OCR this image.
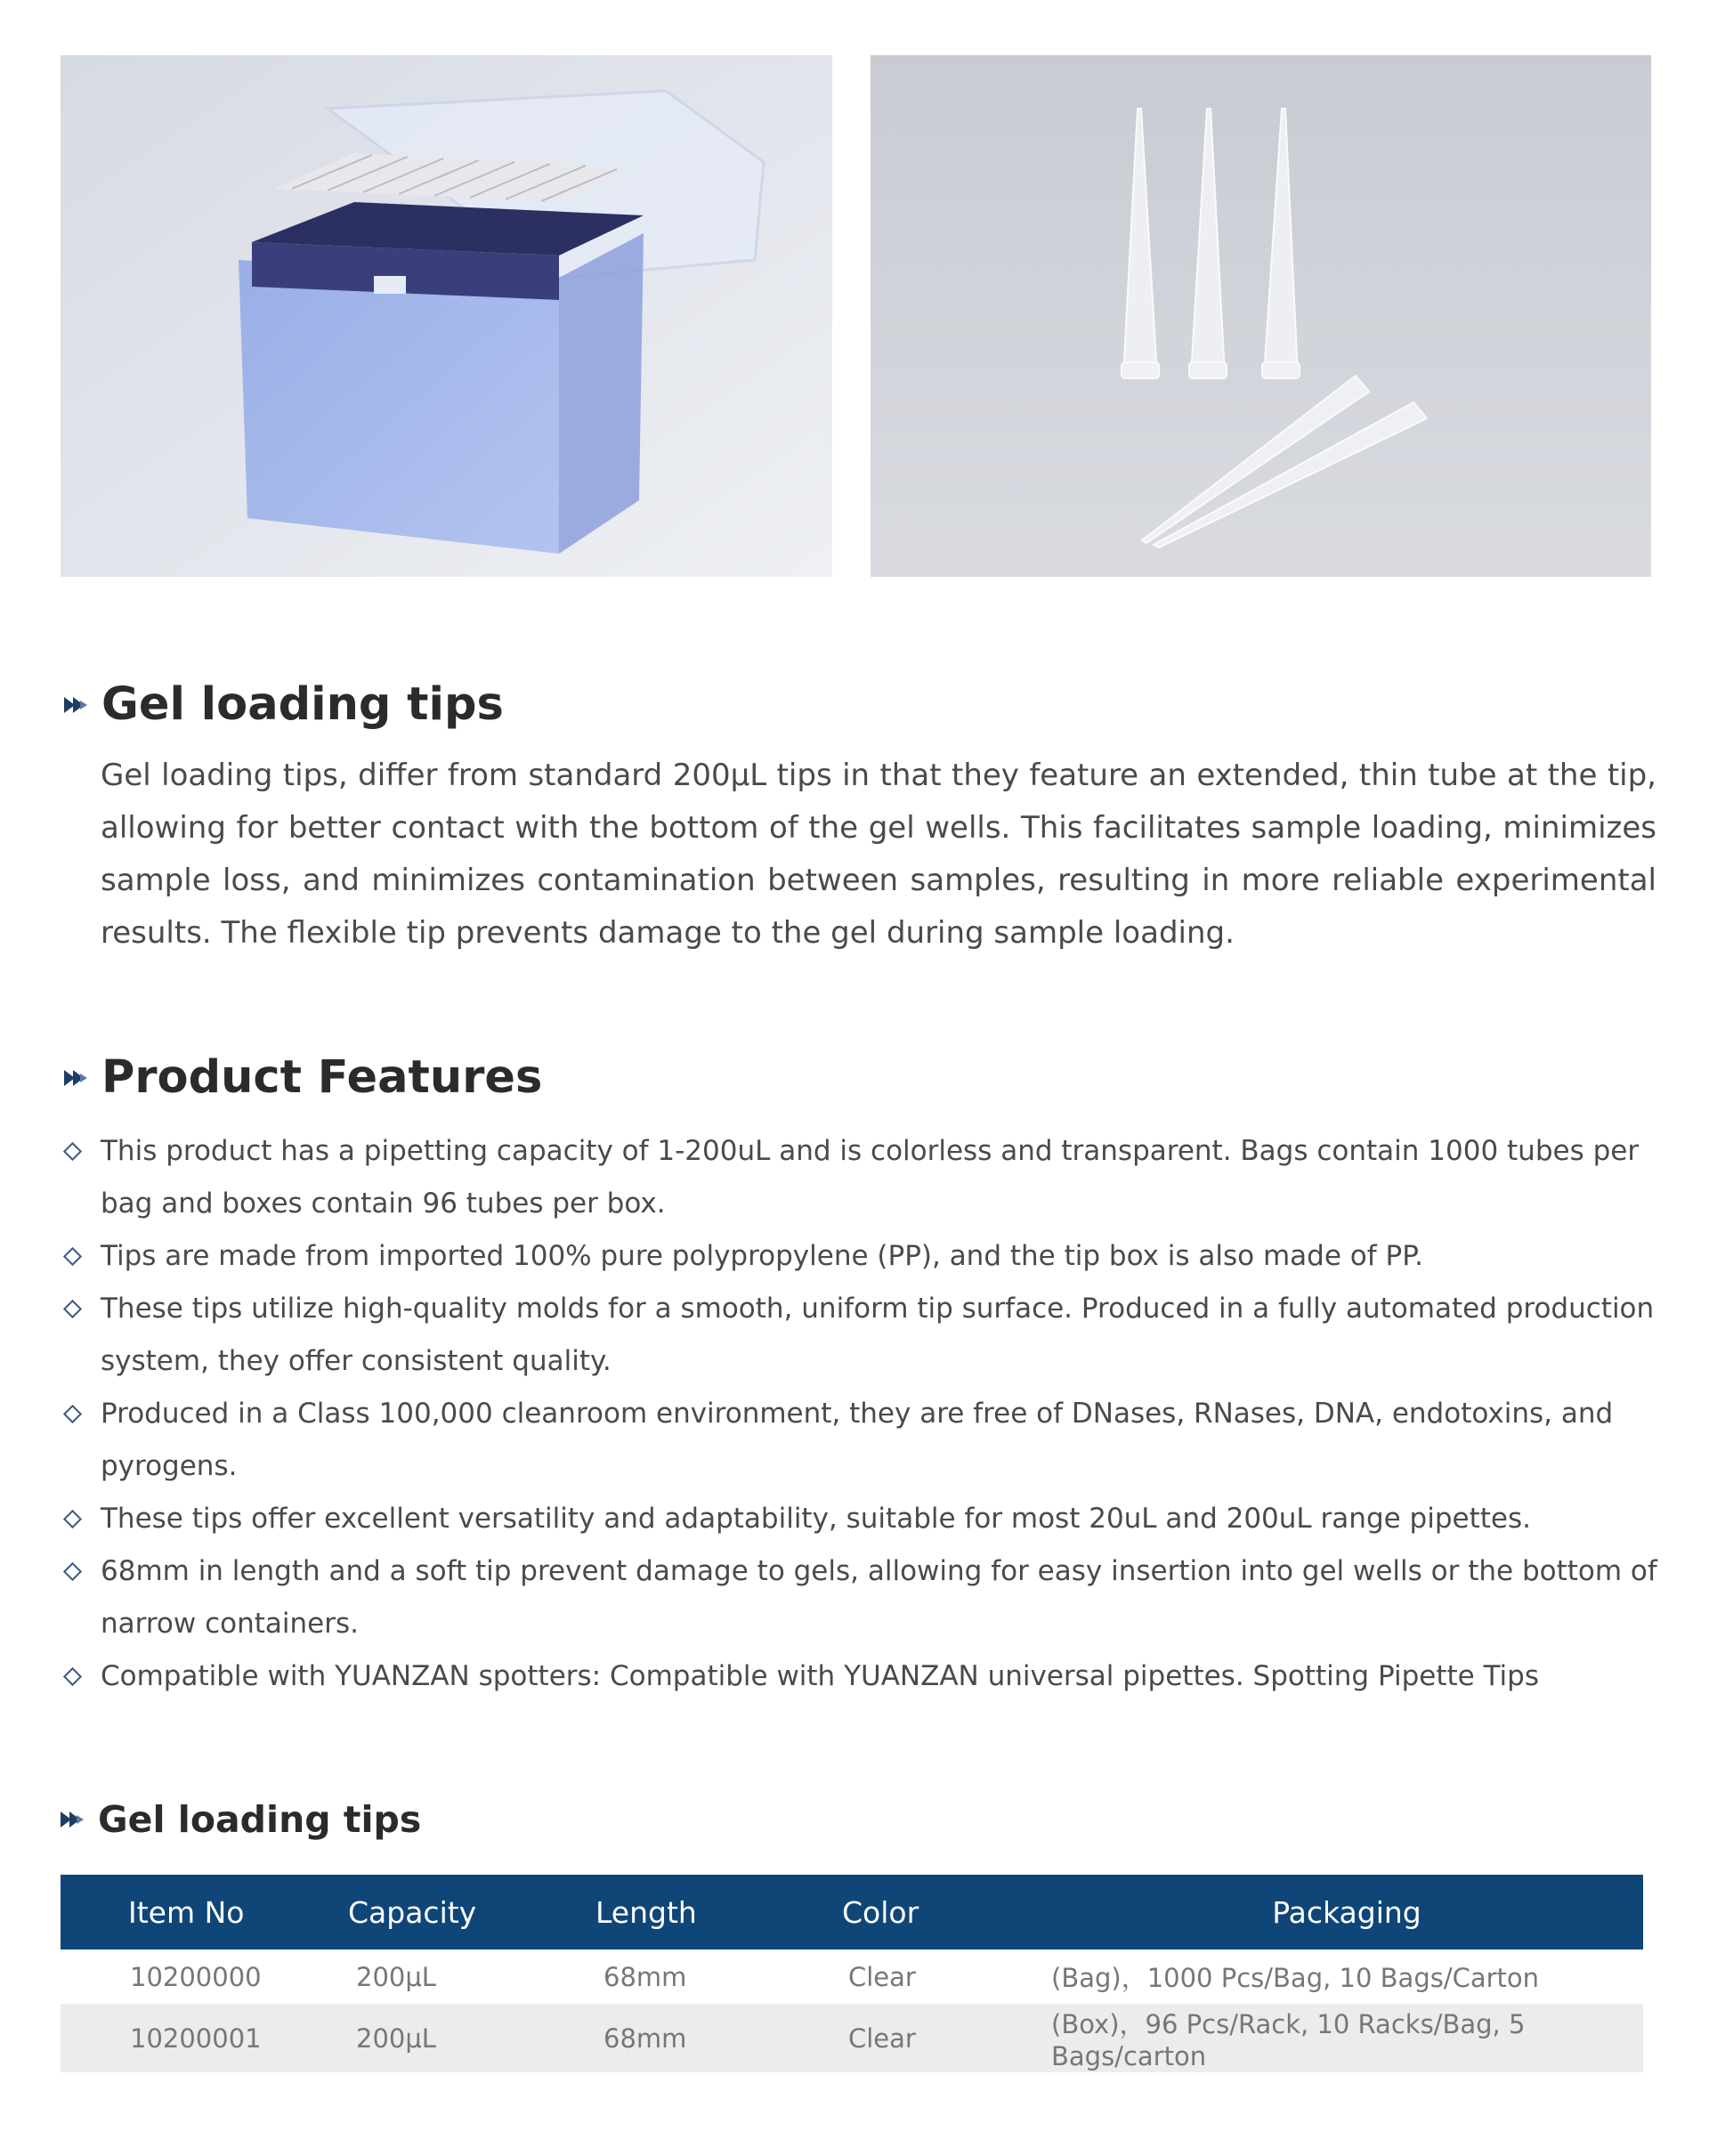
Gel loading tips

Gel loading tips, differ from standard 200μL tips in that they feature an extended, thin tube at the tip, allowing for better contact with the bottom of the gel wells. This facilitates sample loading, minimizes sample loss, and minimizes contamination between samples, resulting in more reliable experimental results. The flexible tip prevents damage to the gel during sample loading.

Product Features
This product has a pipetting capacity of 1-200uL and is colorless and transparent. Bags contain 1000 tubes per bag and boxes contain 96 tubes per box.
Tips are made from imported 100% pure polypropylene (PP), and the tip box is also made of PP.
These tips utilize high-quality molds for a smooth, uniform tip surface. Produced in a fully automated production system, they offer consistent quality.
Produced in a Class 100,000 cleanroom environment, they are free of DNases, RNases, DNA, endotoxins, and pyrogens.
These tips offer excellent versatility and adaptability, suitable for most 20uL and 200uL range pipettes.
68mm in length and a soft tip prevent damage to gels, allowing for easy insertion into gel wells or the bottom of narrow containers.
Compatible with YUANZAN spotters: Compatible with YUANZAN universal pipettes. Spotting Pipette Tips
Gel loading tips
Item No	Capacity	Length	Color	Packaging
10200000	200μL	68mm	Clear	(Bag)，1000 Pcs/Bag, 10 Bags/Carton
10200001	200μL	68mm	Clear	(Box)，96 Pcs/Rack, 10 Racks/Bag, 5 Bags/carton
